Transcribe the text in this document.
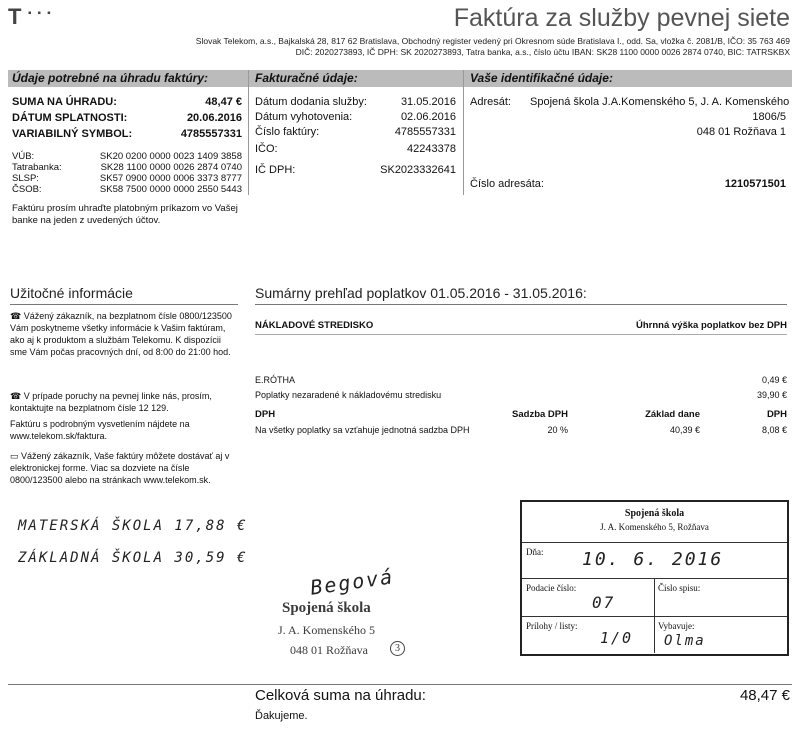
T ▪▪▪	Faktúra za služby pevnej siete
Slovak Telekom, a.s., Bajkalská 28, 817 62 Bratislava, Obchodný register vedený pri Okresnom súde Bratislava I., odd. Sa, vložka č. 2081/B, IČO: 35 763 469
DIČ: 2020273893, IČ DPH: SK 2020273893, Tatra banka, a.s., číslo účtu IBAN: SK28 1100 0000 0026 2874 0740, BIC: TATRSKBX
Údaje potrebné na úhradu faktúry:	Fakturačné údaje:	Vaše identifikačné údaje:
SUMA NA ÚHRADU:	48,47 €
DÁTUM SPLATNOSTI:	20.06.2016
VARIABILNÝ SYMBOL:	4785557331
VÚB:	SK20 0200 0000 0023 1409 3858
Tatrabanka:	SK28 1100 0000 0026 2874 0740
SLSP:	SK57 0900 0000 0006 3373 8777
ČSOB:	SK58 7500 0000 0000 2550 5443
Faktúru prosím uhraďte platobným príkazom vo Vašej banke na jeden z uvedených účtov.
Dátum dodania služby:	31.05.2016
Dátum vyhotovenia:	02.06.2016
Číslo faktúry:	4785557331
IČO:	42243378
IČ DPH:	SK2023332641
Adresát: Spojená škola J.A.Komenského 5, J. A. Komenského
1806/5
048 01 Rožňava 1
Číslo adresáta:	1210571501
Užitočné informácie
☎ Vážený zákazník, na bezplatnom čísle 0800/123500 Vám poskytneme všetky informácie k Vašim faktúram, ako aj k produktom a službám Telekomu. K dispozícii sme Vám počas pracovných dní, od 8:00 do 21:00 hod.
☎ V prípade poruchy na pevnej linke nás, prosím, kontaktujte na bezplatnom čísle 12 129.
Faktúru s podrobným vysvetlením nájdete na www.telekom.sk/faktura.
▭ Vážený zákazník, Vaše faktúry môžete dostávať aj v elektronickej forme. Viac sa dozviete na čísle 0800/123500 alebo na stránkach www.telekom.sk.
Sumárny prehľad poplatkov 01.05.2016 - 31.05.2016:
NÁKLADOVÉ STREDISKO	Úhrnná výška poplatkov bez DPH
E.RÓTHA	0,49 €
Poplatky nezaradené k nákladovému stredisku	39,90 €
DPH	Sadzba DPH	Základ dane	DPH
Na všetky poplatky sa vzťahuje jednotná sadzba DPH	20 %	40,39 €	8,08 €
MATERSKÁ ŠKOLA 17,88 €
ZÁKLADNÁ ŠKOLA 30,59 €
Begová
Spojená škola
J. A. Komenského 5
048 01 Rožňava	3
Spojená škola
J. A. Komenského 5, Rožňava
Dňa: 10. 6. 2016
Podacie číslo:
07
Číslo spisu:
Prílohy / listy:
1/0
Vybavuje:
Olma
Celková suma na úhradu:	48,47 €
Ďakujeme.
